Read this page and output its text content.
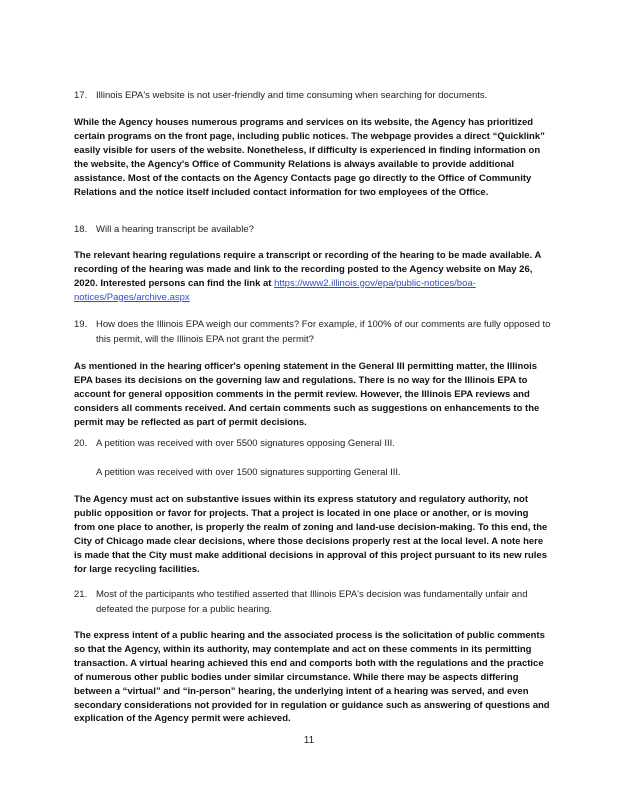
17. Illinois EPA's website is not user-friendly and time consuming when searching for documents.

While the Agency houses numerous programs and services on its website, the Agency has prioritized certain programs on the front page, including public notices. The webpage provides a direct “Quicklink” easily visible for users of the website. Nonetheless, if difficulty is experienced in finding information on the website, the Agency's Office of Community Relations is always available to provide additional assistance. Most of the contacts on the Agency Contacts page go directly to the Office of Community Relations and the notice itself included contact information for two employees of the Office.

18. Will a hearing transcript be available?

The relevant hearing regulations require a transcript or recording of the hearing to be made available. A recording of the hearing was made and link to the recording posted to the Agency website on May 26, 2020. Interested persons can find the link at https://www2.illinois.gov/epa/public-notices/boa-notices/Pages/archive.aspx

19. How does the Illinois EPA weigh our comments? For example, if 100% of our comments are fully opposed to this permit, will the Illinois EPA not grant the permit?

As mentioned in the hearing officer's opening statement in the General III permitting matter, the Illinois EPA bases its decisions on the governing law and regulations. There is no way for the Illinois EPA to account for general opposition comments in the permit review. However, the Illinois EPA reviews and considers all comments received. And certain comments such as suggestions on enhancements to the permit may be reflected as part of permit decisions.

20. A petition was received with over 5500 signatures opposing General III.
A petition was received with over 1500 signatures supporting General III.

The Agency must act on substantive issues within its express statutory and regulatory authority, not public opposition or favor for projects. That a project is located in one place or another, or is moving from one place to another, is properly the realm of zoning and land-use decision-making. To this end, the City of Chicago made clear decisions, where those decisions properly rest at the local level. A note here is made that the City must make additional decisions in approval of this project pursuant to its new rules for large recycling facilities.

21. Most of the participants who testified asserted that Illinois EPA's decision was fundamentally unfair and defeated the purpose for a public hearing.

The express intent of a public hearing and the associated process is the solicitation of public comments so that the Agency, within its authority, may contemplate and act on these comments in its permitting transaction. A virtual hearing achieved this end and comports both with the regulations and the practice of numerous other public bodies under similar circumstance. While there may be aspects differing between a “virtual” and “in-person” hearing, the underlying intent of a hearing was served, and even secondary considerations not provided for in regulation or guidance such as answering of questions and explication of the Agency permit were achieved.

11
